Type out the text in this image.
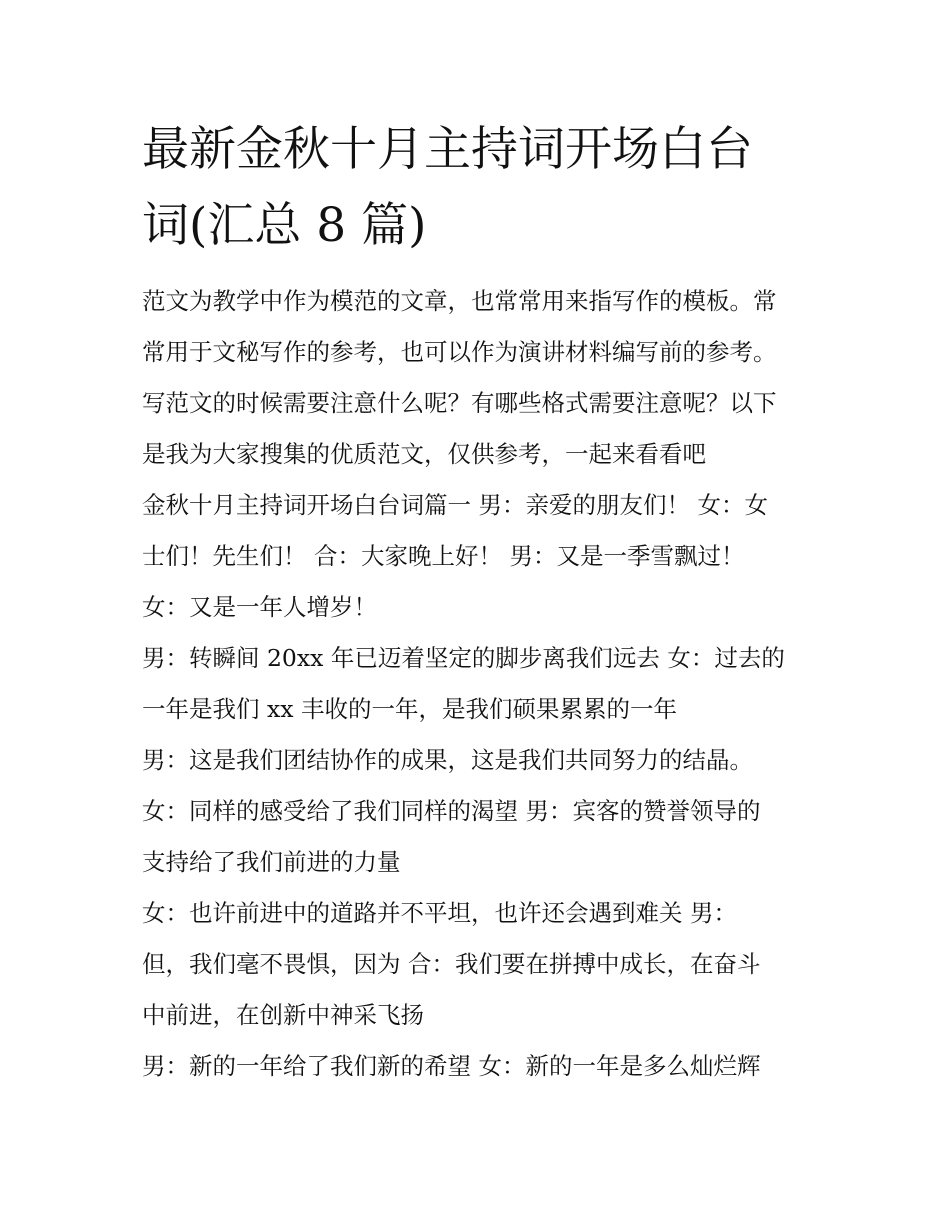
最新金秋十月主持词开场白台
词(汇总 8 篇)
范文为教学中作为模范的文章，也常常用来指写作的模板。常
常用于文秘写作的参考，也可以作为演讲材料编写前的参考。
写范文的时候需要注意什么呢？有哪些格式需要注意呢？以下
是我为大家搜集的优质范文，仅供参考，一起来看看吧
金秋十月主持词开场白台词篇一 男：亲爱的朋友们！ 女：女
士们！先生们！ 合：大家晚上好！ 男：又是一季雪飘过！
女：又是一年人增岁！
男：转瞬间 20xx 年已迈着坚定的脚步离我们远去 女：过去的
一年是我们 xx 丰收的一年，是我们硕果累累的一年
男：这是我们团结协作的成果，这是我们共同努力的结晶。
女：同样的感受给了我们同样的渴望 男：宾客的赞誉领导的
支持给了我们前进的力量
女：也许前进中的道路并不平坦，也许还会遇到难关 男：
但，我们毫不畏惧，因为 合：我们要在拼搏中成长，在奋斗
中前进，在创新中神采飞扬
男：新的一年给了我们新的希望 女：新的一年是多么灿烂辉
